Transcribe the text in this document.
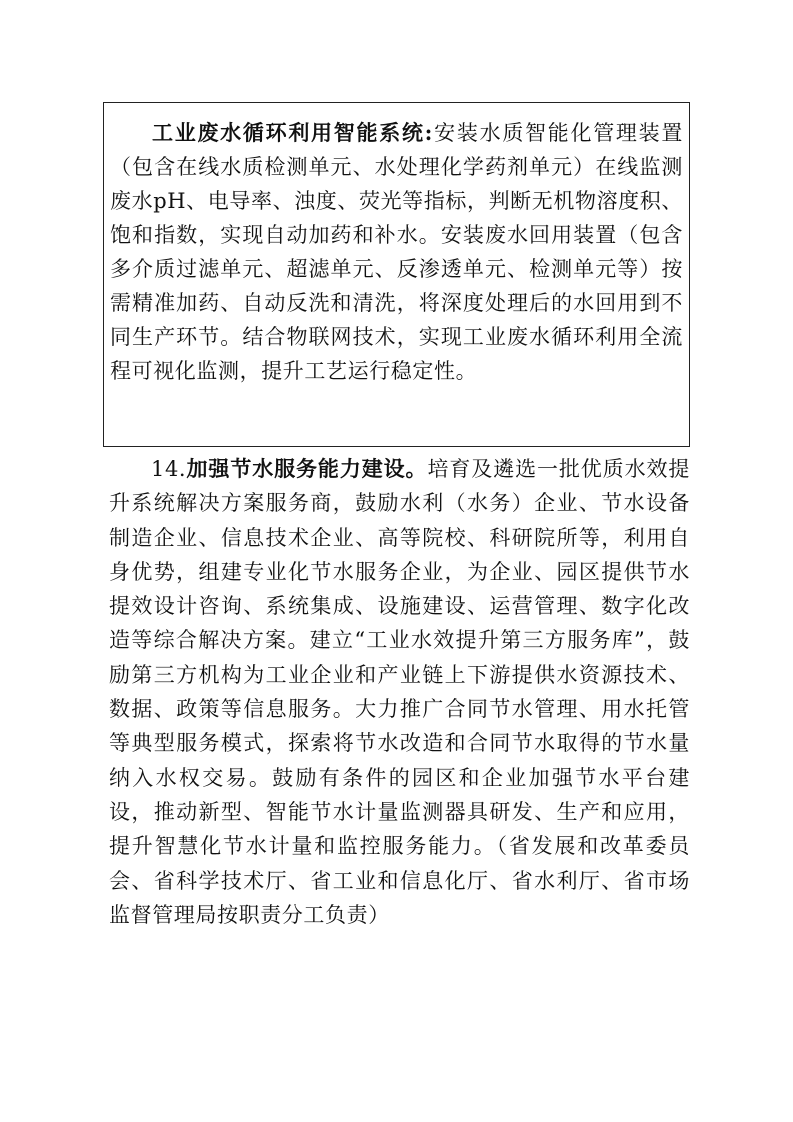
工业废水循环利用智能系统:安装水质智能化管理装置（包含在线水质检测单元、水处理化学药剂单元）在线监测废水pH、电导率、浊度、荧光等指标，判断无机物溶度积、饱和指数，实现自动加药和补水。安装废水回用装置（包含多介质过滤单元、超滤单元、反渗透单元、检测单元等）按需精准加药、自动反洗和清洗，将深度处理后的水回用到不同生产环节。结合物联网技术，实现工业废水循环利用全流程可视化监测，提升工艺运行稳定性。

14.加强节水服务能力建设。培育及遴选一批优质水效提升系统解决方案服务商，鼓励水利（水务）企业、节水设备制造企业、信息技术企业、高等院校、科研院所等，利用自身优势，组建专业化节水服务企业，为企业、园区提供节水提效设计咨询、系统集成、设施建设、运营管理、数字化改造等综合解决方案。建立“工业水效提升第三方服务库”，鼓励第三方机构为工业企业和产业链上下游提供水资源技术、数据、政策等信息服务。大力推广合同节水管理、用水托管等典型服务模式，探索将节水改造和合同节水取得的节水量纳入水权交易。鼓励有条件的园区和企业加强节水平台建设，推动新型、智能节水计量监测器具研发、生产和应用，提升智慧化节水计量和监控服务能力。（省发展和改革委员会、省科学技术厅、省工业和信息化厅、省水利厅、省市场监督管理局按职责分工负责）
